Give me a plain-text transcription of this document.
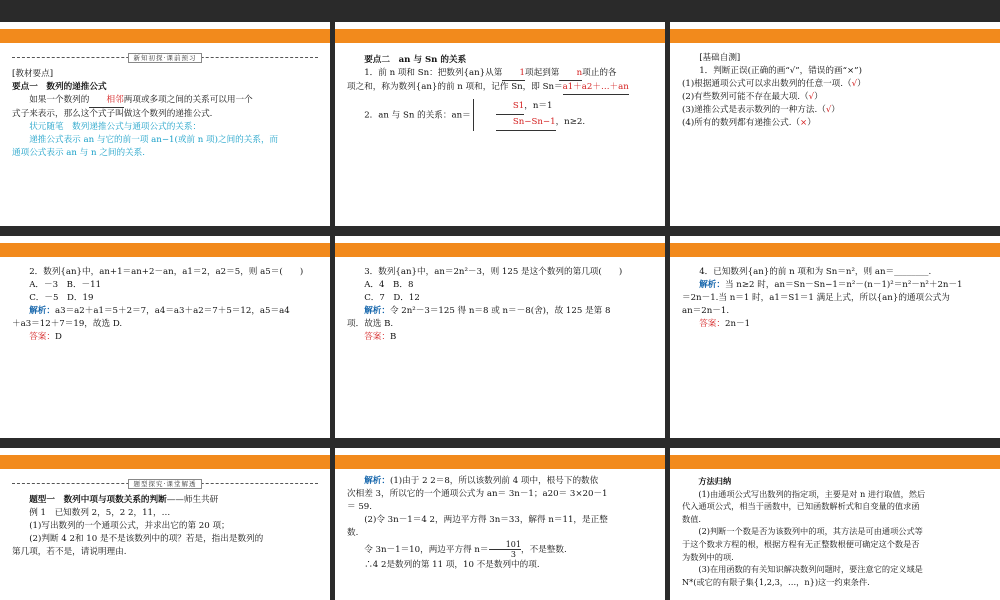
新知初探·课前预习

[教材要点]

要点一　数列的递推公式

如果一个数列的 相邻两项或多项之间的关系可以用一个

式子来表示，那么这个式子叫做这个数列的递推公式.

状元随笔　数列递推公式与通项公式的关系：

递推公式表示 an 与它的前一项 an−1(或前 n 项)之间的关系，而

通项公式表示 an 与 n 之间的关系.

要点二　an 与 Sn 的关系

1．前 n 项和 Sn：把数列{an}从第 1项起到第 n项止的各

项之和，称为数列{an}的前 n 项和，记作 Sn，即 Sn＝a1＋a2＋…＋an

2．an 与 Sn 的关系：an＝
S1，n＝1
Sn−Sn−1，n≥2.

[基础自测]

1．判断正误(正确的画“√”，错误的画“×”)

(1)根据通项公式可以求出数列的任意一项.（√）

(2)有些数列可能不存在最大项.（√）

(3)递推公式是表示数列的一种方法.（√）

(4)所有的数列都有递推公式.（×）

2．数列{an}中，an+1＝an+2－an，a1＝2，a2＝5，则 a5＝(　　)

A．－3　B．－11

C．－5　D．19

解析：a3＝a2＋a1＝5＋2＝7，a4＝a3＋a2＝7＋5＝12，a5＝a4

＋a3＝12＋7＝19，故选 D.

答案：D

3．数列{an}中，an＝2n²－3，则 125 是这个数列的第几项(　　)

A．4　B．8

C．7　D．12

解析：令 2n²－3＝125 得 n＝8 或 n＝－8(舍)，故 125 是第 8

项．故选 B.

答案：B

4．已知数列{an}的前 n 项和为 Sn＝n²，则 an＝________.

解析：当 n≥2 时，an＝Sn－Sn−1＝n²－(n－1)²＝n²－n²＋2n－1

＝2n－1.当 n＝1 时，a1＝S1＝1 满足上式，所以{an}的通项公式为

an＝2n－1.

答案：2n－1

题型探究·课堂解透

题型一　数列中项与项数关系的判断——师生共研

例 1　已知数列 2，5，2 2，11，…

(1)写出数列的一个通项公式，并求出它的第 20 项；

(2)判断 4 2和 10 是不是该数列中的项？若是，指出是数列的

第几项，若不是，请说明理由.

解析：(1)由于 2 2＝8，所以该数列前 4 项中，根号下的数依

次相差 3，所以它的一个通项公式为 an＝ 3n－1；a20＝ 3×20－1

＝ 59.

(2)令 3n－1＝4 2，两边平方得 3n＝33，解得 n＝11，是正整

数.

令 3n－1＝10，两边平方得 $n= \frac{101}{3}$ ，不是整数.

∴4 2是数列的第 11 项，10 不是数列中的项.

方法归纳

(1)由通项公式写出数列的指定项，主要是对 n 进行取值，然后

代入通项公式，相当于函数中，已知函数解析式和自变量的值求函

数值.

(2)判断一个数是否为该数列中的项，其方法是可由通项公式等

于这个数求方程的根，根据方程有无正整数根便可确定这个数是否

为数列中的项.

(3)在用函数的有关知识解决数列问题时，要注意它的定义域是

N*(或它的有限子集{1,2,3，…，n})这一约束条件.
